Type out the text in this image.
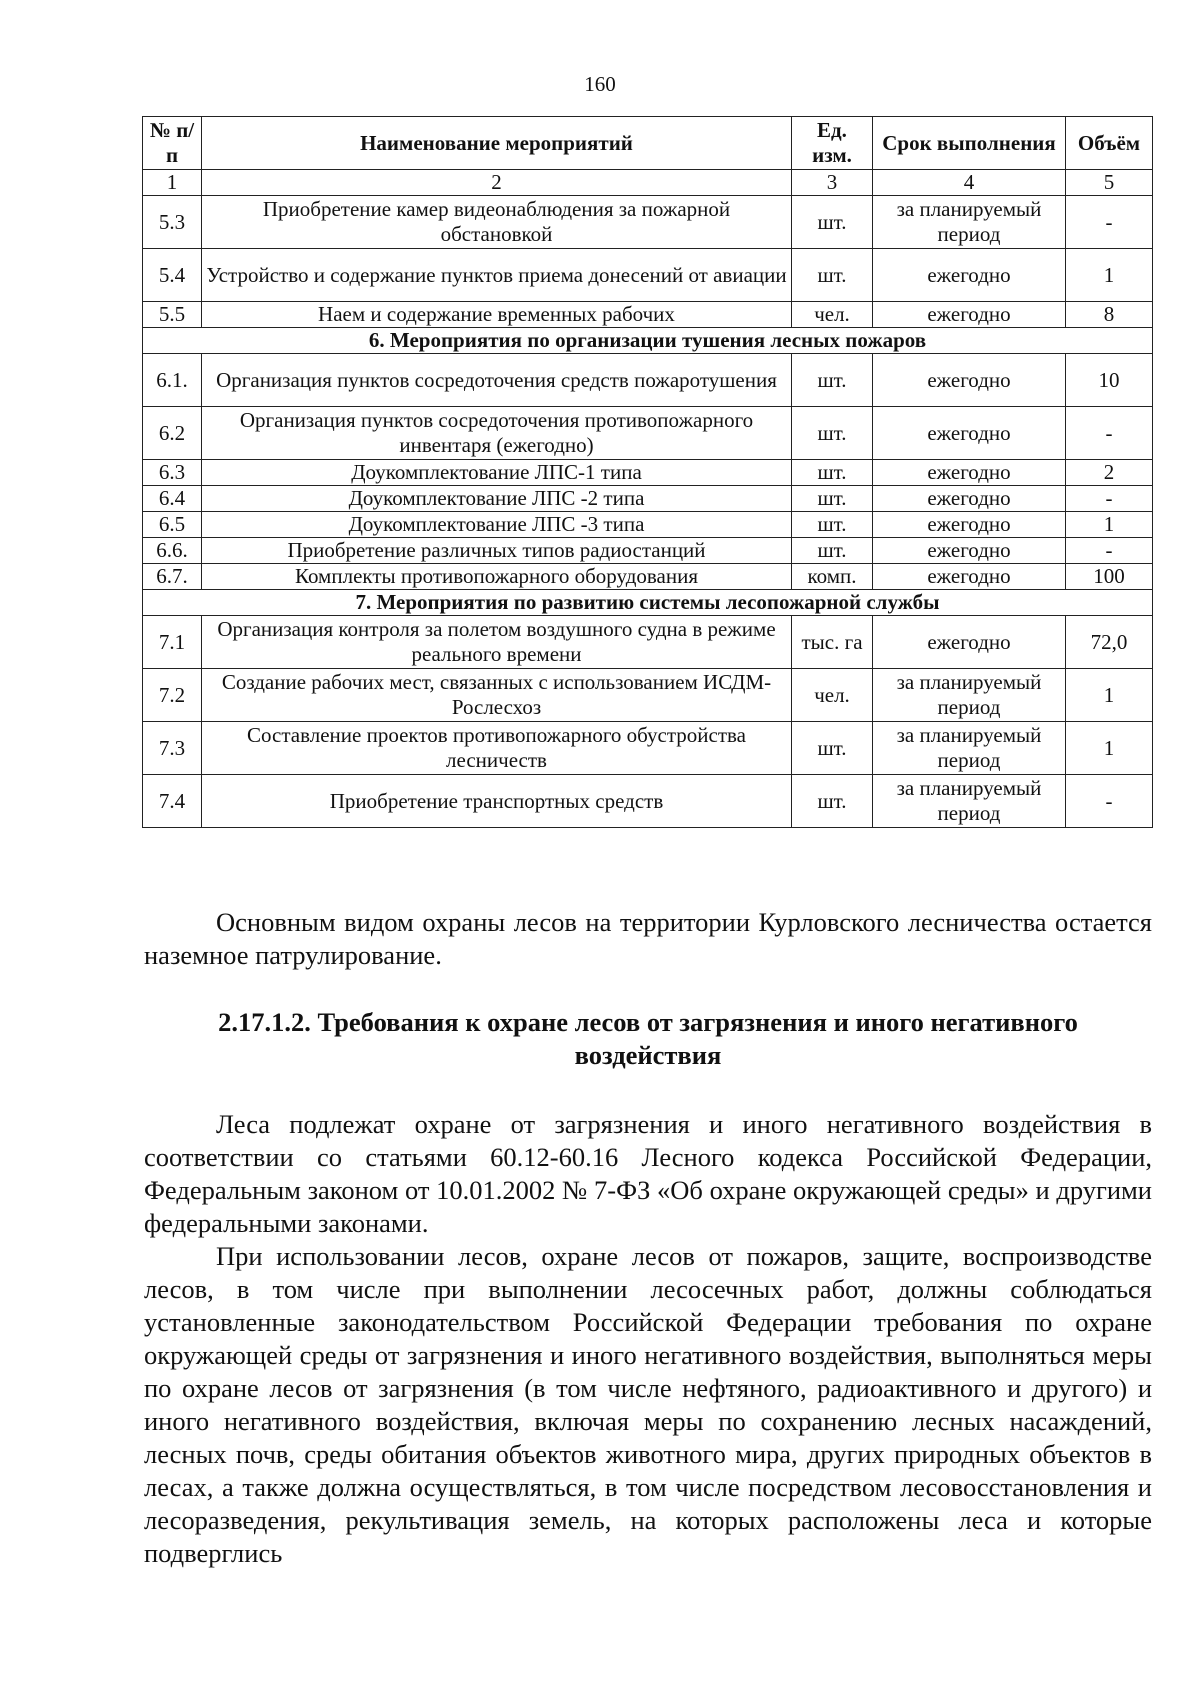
160
№ п/п	Наименование мероприятий	Ед. изм.	Срок выполнения	Объём
1	2	3	4	5
5.3	Приобретение камер видеонаблюдения за пожарной обстановкой	шт.	за планируемый период	-
5.4	Устройство и содержание пунктов приема донесений от авиации	шт.	ежегодно	1
5.5	Наем и содержание временных рабочих	чел.	ежегодно	8
6. Мероприятия по организации тушения лесных пожаров				
6.1.	Организация пунктов сосредоточения средств пожаротушения	шт.	ежегодно	10
6.2	Организация пунктов сосредоточения противопожарного инвентаря (ежегодно)	шт.	ежегодно	-
6.3	Доукомплектование ЛПС-1 типа	шт.	ежегодно	2
6.4	Доукомплектование ЛПС -2 типа	шт.	ежегодно	-
6.5	Доукомплектование ЛПС -3 типа	шт.	ежегодно	1
6.6.	Приобретение различных типов радиостанций	шт.	ежегодно	-
6.7.	Комплекты противопожарного оборудования	комп.	ежегодно	100
7. Мероприятия по развитию системы лесопожарной службы				
7.1	Организация контроля за полетом воздушного судна в режиме реального времени	тыс. га	ежегодно	72,0
7.2	Создание рабочих мест, связанных с использованием ИСДМ-Рослесхоз	чел.	за планируемый период	1
7.3	Составление проектов противопожарного обустройства лесничеств	шт.	за планируемый период	1
7.4	Приобретение транспортных средств	шт.	за планируемый период	-

Основным видом охраны лесов на территории Курловского лесничества остается наземное патрулирование.

2.17.1.2. Требования к охране лесов от загрязнения и иного негативного воздействия

Леса подлежат охране от загрязнения и иного негативного воздействия в соответствии со статьями 60.12-60.16 Лесного кодекса Российской Федерации, Федеральным законом от 10.01.2002 № 7-ФЗ «Об охране окружающей среды» и другими федеральными законами.

При использовании лесов, охране лесов от пожаров, защите, воспроизводстве лесов, в том числе при выполнении лесосечных работ, должны соблюдаться установленные законодательством Российской Федерации требования по охране окружающей среды от загрязнения и иного негативного воздействия, выполняться меры по охране лесов от загрязнения (в том числе нефтяного, радиоактивного и другого) и иного негативного воздействия, включая меры по сохранению лесных насаждений, лесных почв, среды обитания объектов животного мира, других природных объектов в лесах, а также должна осуществляться, в том числе посредством лесовосстановления и лесоразведения, рекультивация земель, на которых расположены леса и которые подверглись
